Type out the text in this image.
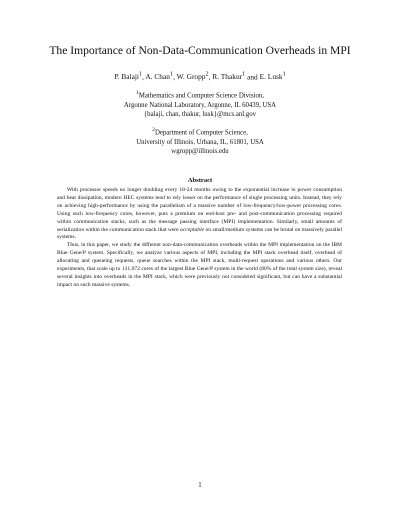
The Importance of Non-Data-Communication Overheads in MPI
P. Balaji$^1$, A. Chan$^1$, W. Gropp$^2$, R. Thakur$^1$ and E. Lusk$^1$
$^1$Mathematics and Computer Science Division,
Argonne National Laboratory, Argonne, IL 60439, USA
{balaji, chan, thakur, lusk}@mcs.anl.gov
$^2$Department of Computer Science,
University of Illinois, Urbana, IL, 61801, USA
wgropp@illinois.edu
Abstract

With processor speeds no longer doubling every 18-24 months owing to the exponential increase in power consumption and heat dissipation, modern HEC systems tend to rely lesser on the performance of single processing units. Instead, they rely on achieving high-performance by using the parallelism of a massive number of low-frequency/low-power processing cores. Using such low-frequency cores, however, puts a premium on end-host pre- and post-communication processing required within communication stacks, such as the message passing interface (MPI) implementation. Similarly, small amounts of serialization within the communication stack that were acceptable on small/medium systems can be brutal on massively parallel systems.

Thus, in this paper, we study the different non-data-communication overheads within the MPI implementation on the IBM Blue Gene/P system. Specifically, we analyze various aspects of MPI, including the MPI stack overhead itself, overhead of allocating and queueing requests, queue searches within the MPI stack, multi-request operations and various others. Our experiments, that scale up to 131,072 cores of the largest Blue Gene/P system in the world (80% of the total system size), reveal several insights into overheads in the MPI stack, which were previously not considered significant, but can have a substantial impact on such massive systems.

1
